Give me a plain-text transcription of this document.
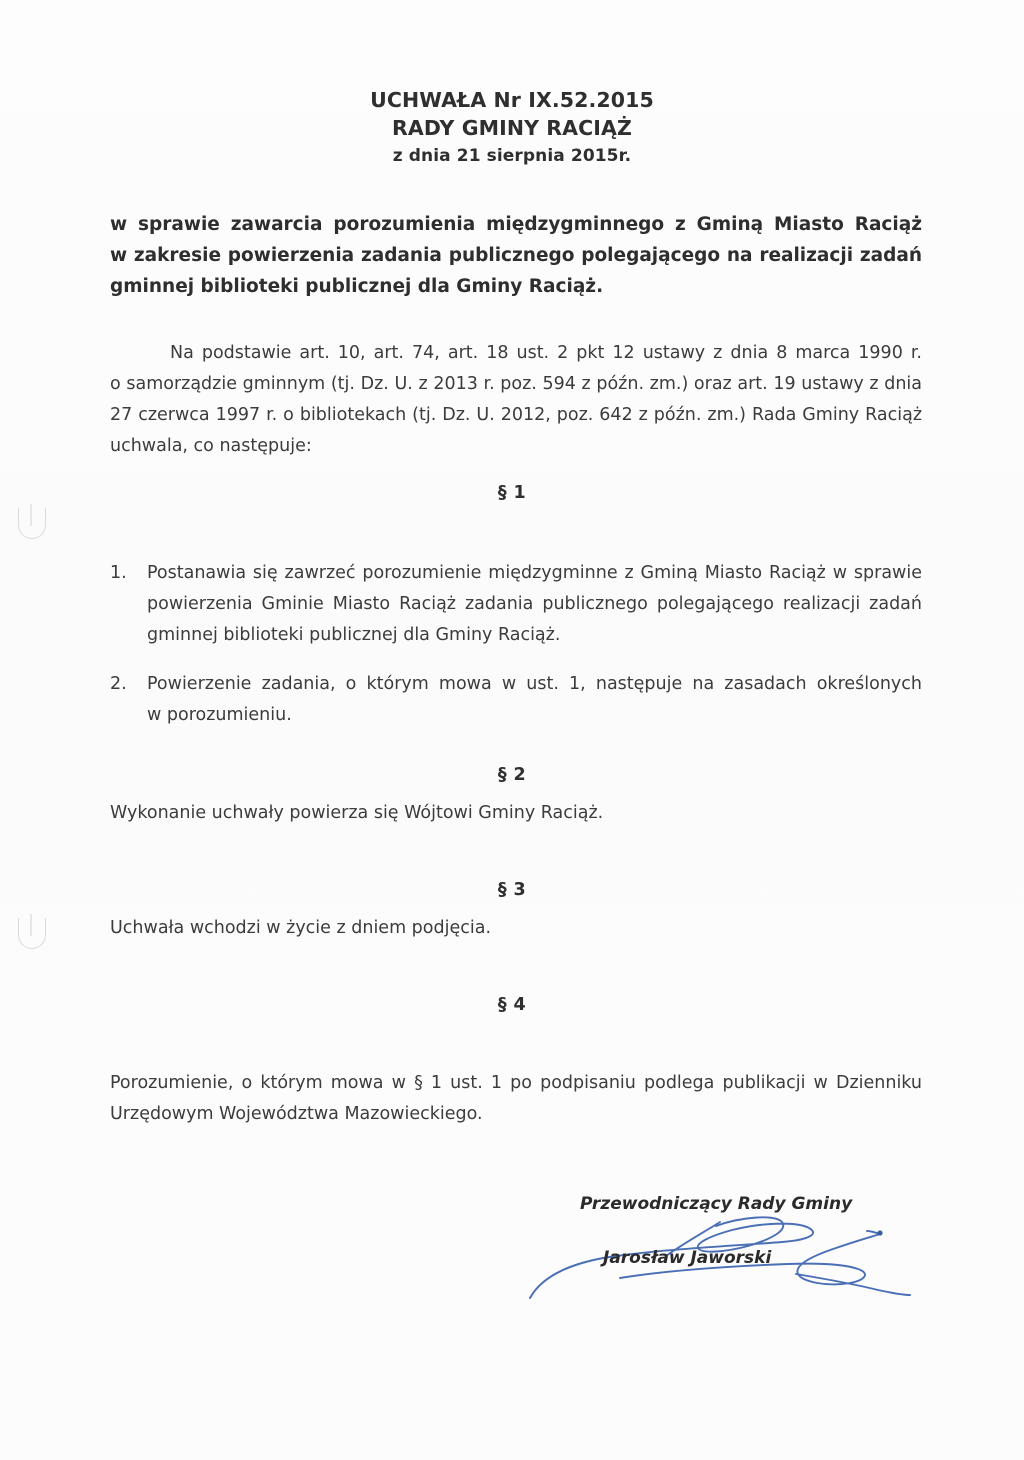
UCHWAŁA Nr IX.52.2015
RADY GMINY RACIĄŻ
z dnia 21 sierpnia 2015r.
w sprawie zawarcia porozumienia międzygminnego z Gminą Miasto Raciąż
w zakresie powierzenia zadania publicznego polegającego na realizacji zadań
gminnej biblioteki publicznej dla Gminy Raciąż.
Na podstawie art. 10, art. 74, art. 18 ust. 2 pkt 12 ustawy z dnia 8 marca 1990 r.
o samorządzie gminnym (tj. Dz. U. z 2013 r. poz. 594 z późn. zm.) oraz art. 19 ustawy z dnia
27 czerwca 1997 r. o bibliotekach (tj. Dz. U. 2012, poz. 642 z późn. zm.) Rada Gminy Raciąż
uchwala, co następuje:
§ 1
1.	Postanawia się zawrzeć porozumienie międzygminne z Gminą Miasto Raciąż w sprawie
powierzenia Gminie Miasto Raciąż zadania publicznego polegającego realizacji zadań
gminnej biblioteki publicznej dla Gminy Raciąż.
2.	Powierzenie zadania, o którym mowa w ust. 1, następuje na zasadach określonych
w porozumieniu.
§ 2
Wykonanie uchwały powierza się Wójtowi Gminy Raciąż.
§ 3
Uchwała wchodzi w życie z dniem podjęcia.
§ 4
Porozumienie, o którym mowa w § 1 ust. 1 po podpisaniu podlega publikacji w Dzienniku
Urzędowym Województwa Mazowieckiego.
Przewodniczący Rady Gminy
Jarosław Jaworski
